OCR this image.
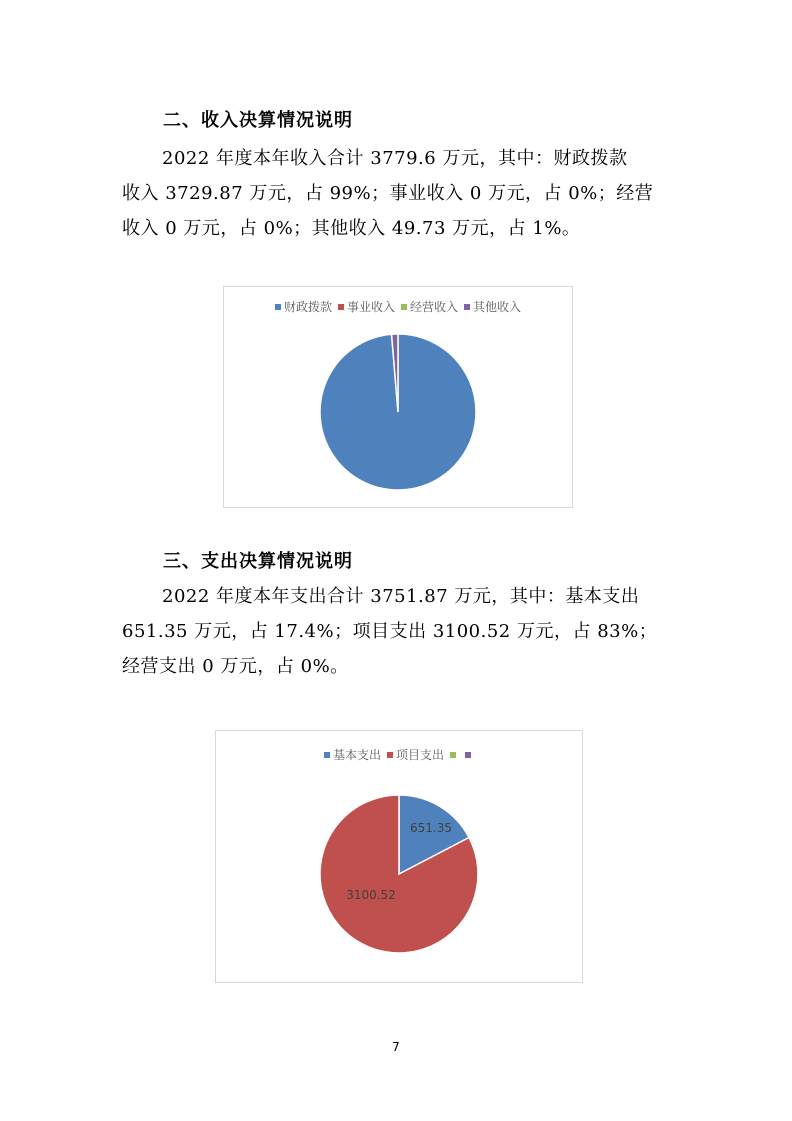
二、收入决算情况说明
2022 年度本年收入合计 3779.6 万元，其中：财政拨款
收入 3729.87 万元，占 99%；事业收入 0 万元，占 0%；经营
收入 0 万元，占 0%；其他收入 49.73 万元，占 1%。
财政拨款 事业收入 经营收入 其他收入
三、支出决算情况说明
2022 年度本年支出合计 3751.87 万元，其中：基本支出
651.35 万元，占 17.4%；项目支出 3100.52 万元，占 83%；
经营支出 0 万元，占 0%。
基本支出 项目支出
651.35
3100.52
7
